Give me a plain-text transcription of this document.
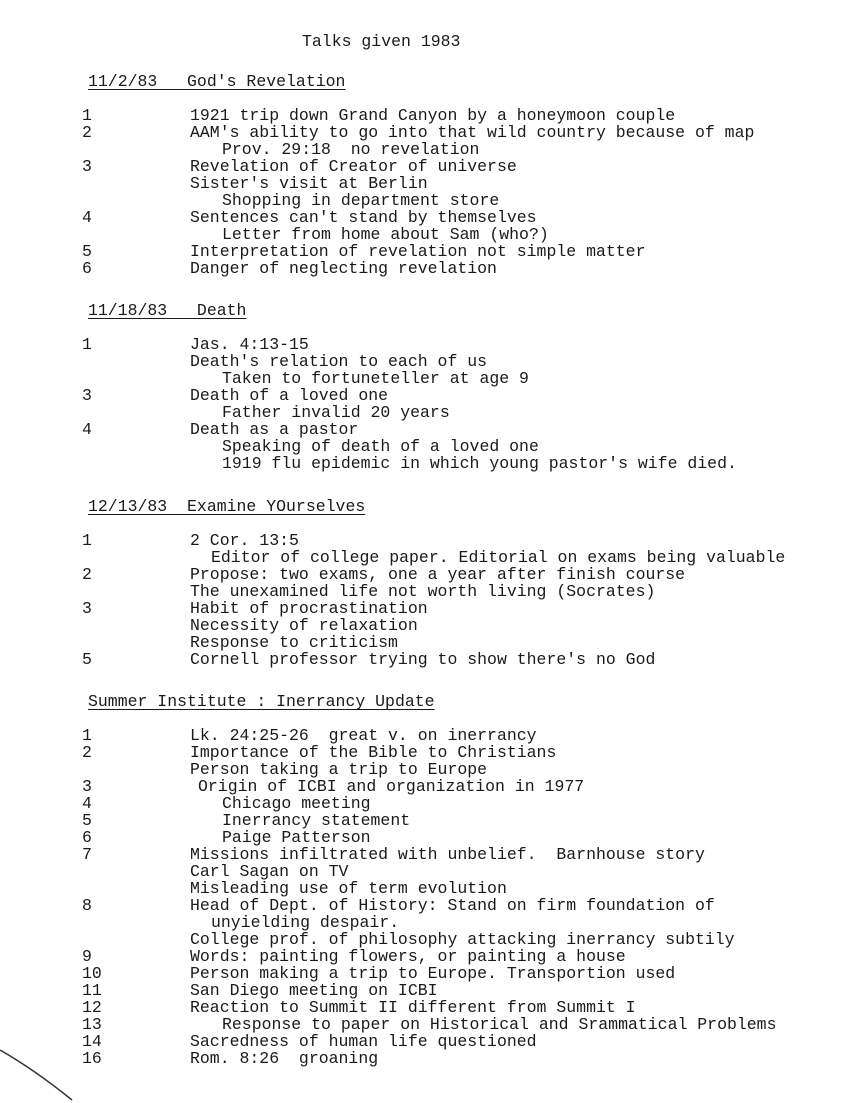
Talks given 1983
11/2/83   God's Revelation
1	1921 trip down Grand Canyon by a honeymoon couple
2	AAM's ability to go into that wild country because of map
Prov. 29:18  no revelation
3	Revelation of Creator of universe
Sister's visit at Berlin
Shopping in department store
4	Sentences can't stand by themselves
Letter from home about Sam (who?)
5	Interpretation of revelation not simple matter
6	Danger of neglecting revelation
11/18/83   Death
1	Jas. 4:13-15
Death's relation to each of us
Taken to fortuneteller at age 9
3	Death of a loved one
Father invalid 20 years
4	Death as a pastor
Speaking of death of a loved one
1919 flu epidemic in which young pastor's wife died.
12/13/83  Examine YOurselves
1	2 Cor. 13:5
Editor of college paper. Editorial on exams being valuable
2	Propose: two exams, one a year after finish course
The unexamined life not worth living (Socrates)
3	Habit of procrastination
Necessity of relaxation
Response to criticism
5	Cornell professor trying to show there's no God
Summer Institute : Inerrancy Update
1	Lk. 24:25-26  great v. on inerrancy
2	Importance of the Bible to Christians
Person taking a trip to Europe
3	Origin of ICBI and organization in 1977
4	Chicago meeting
5	Inerrancy statement
6	Paige Patterson
7	Missions infiltrated with unbelief.  Barnhouse story
Carl Sagan on TV
Misleading use of term evolution
8	Head of Dept. of History: Stand on firm foundation of
unyielding despair.
College prof. of philosophy attacking inerrancy subtily
9	Words: painting flowers, or painting a house
10	Person making a trip to Europe. Transportion used
11	San Diego meeting on ICBI
12	Reaction to Summit II different from Summit I
13	Response to paper on Historical and Srammatical Problems
14	Sacredness of human life questioned
16	Rom. 8:26  groaning
